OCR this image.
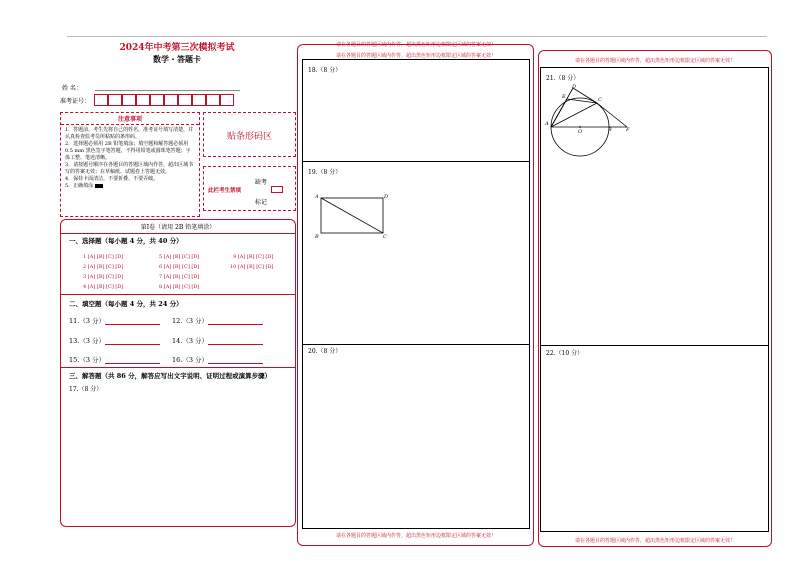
2024年中考第三次模拟考试
数学・答题卡
姓 名：
准考证号：
注意事项

1．答题前，考生先将自己的姓名，准考证号填写清楚，并认真检查监考员所粘贴的条形码。

2．选择题必须用 2B 铅笔填涂；填空题和解答题必须用 0.5 mm 黑色签字笔答题，不得用铅笔或圆珠笔答题；字体工整、笔迹清晰。

3．请按题号顺序在各题目的答题区域内作答，超出区域书写的答案无效；在草稿纸、试题卷上答题无效。

4．保持卡面清洁，不要折叠、不要弄破。

5．正确填涂

贴条形码区
缺考
此栏考生禁填
标记
第Ⅰ卷（请用 2B 铅笔填涂）
一、选择题（每小题 4 分，共 40 分）
1 [A] [B] [C] [D]	5 [A] [B] [C] [D]	9 [A] [B] [C] [D]
2 [A] [B] [C] [D]	6 [A] [B] [C] [D]	10 [A] [B] [C] [D]
3 [A] [B] [C] [D]	7 [A] [B] [C] [D]
4 [A] [B] [C] [D]	8 [A] [B] [C] [D]
二、填空题（每小题 4 分，共 24 分）
11.（3 分）	12.（3 分）
13.（3 分）	14.（3 分）
15.（3 分）	16.（3 分）
三、解答题（共 86 分，解答应写出文字说明、证明过程或演算步骤）
17.（8 分）
请在各题目的答题区域内作答，超出黑色矩形边框限定区域的答案无效！
请在各题目的答题区域内作答，超出黑色矩形边框限定区域的答案无效！
18.（8 分）
19.（8 分）
A	D
B	C
20.（8 分）
请在各题目的答题区域内作答，超出黑色矩形边框限定区域的答案无效！
请在各题目的答题区域内作答，超出黑色矩形边框限定区域的答案无效！
21.（8 分）
D
E	C
A
O	B	F
22.（10 分）
请在各题目的答题区域内作答，超出黑色矩形边框限定区域的答案无效！
